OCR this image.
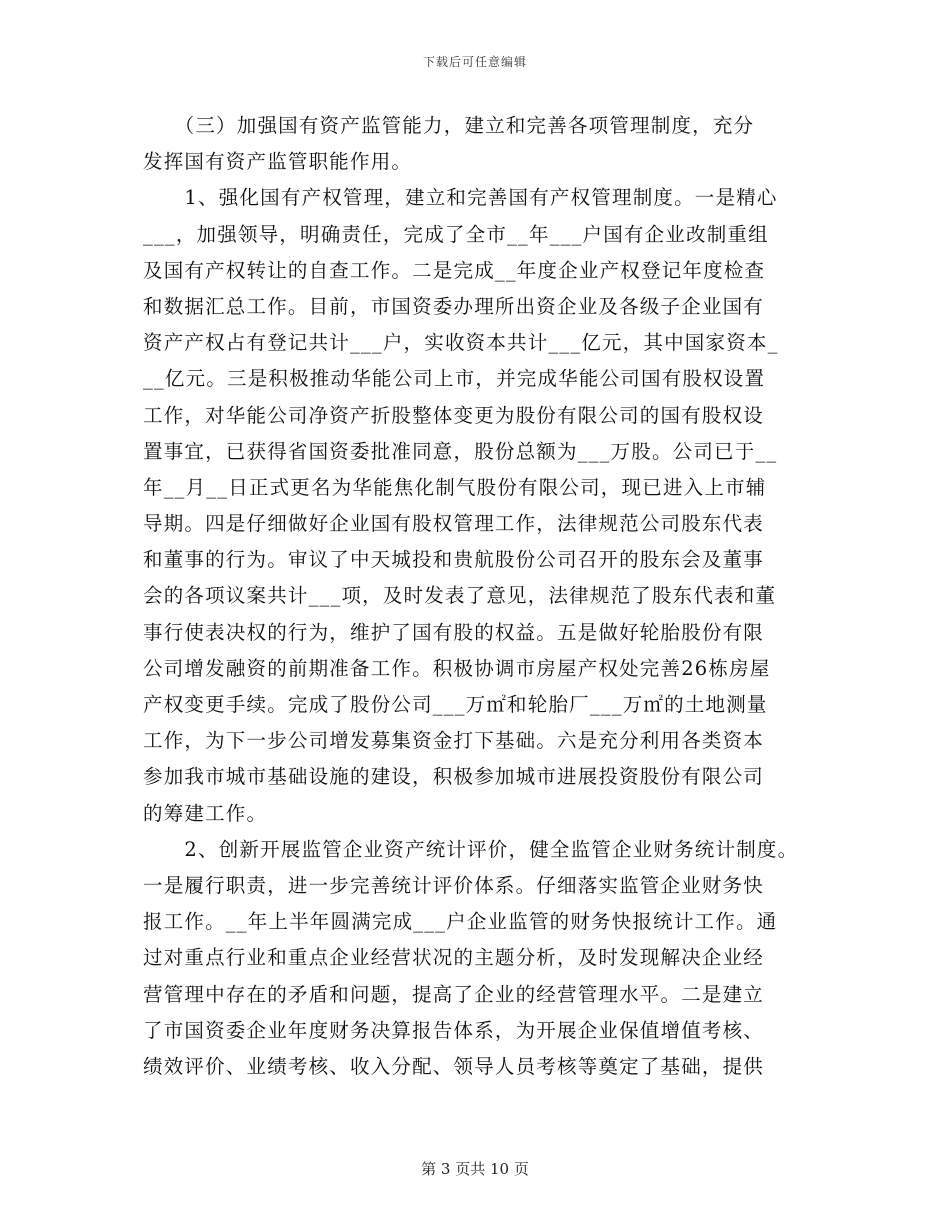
下载后可任意编辑
　　（三）加强国有资产监管能力，建立和完善各项管理制度，充分
发挥国有资产监管职能作用。
　　1、强化国有产权管理，建立和完善国有产权管理制度。一是精心
___，加强领导，明确责任，完成了全市__年___户国有企业改制重组
及国有产权转让的自查工作。二是完成__年度企业产权登记年度检查
和数据汇总工作。目前，市国资委办理所出资企业及各级子企业国有
资产产权占有登记共计___户，实收资本共计___亿元，其中国家资本_
__亿元。三是积极推动华能公司上市，并完成华能公司国有股权设置
工作，对华能公司净资产折股整体变更为股份有限公司的国有股权设
置事宜，已获得省国资委批准同意，股份总额为___万股。公司已于__
年__月__日正式更名为华能焦化制气股份有限公司，现已进入上市辅
导期。四是仔细做好企业国有股权管理工作，法律规范公司股东代表
和董事的行为。审议了中天城投和贵航股份公司召开的股东会及董事
会的各项议案共计___项，及时发表了意见，法律规范了股东代表和董
事行使表决权的行为，维护了国有股的权益。五是做好轮胎股份有限
公司增发融资的前期准备工作。积极协调市房屋产权处完善26栋房屋
产权变更手续。完成了股份公司___万㎡和轮胎厂___万㎡的土地测量
工作，为下一步公司增发募集资金打下基础。六是充分利用各类资本
参加我市城市基础设施的建设，积极参加城市进展投资股份有限公司
的筹建工作。
　　2、创新开展监管企业资产统计评价，健全监管企业财务统计制度。
一是履行职责，进一步完善统计评价体系。仔细落实监管企业财务快
报工作。__年上半年圆满完成___户企业监管的财务快报统计工作。通
过对重点行业和重点企业经营状况的主题分析，及时发现解决企业经
营管理中存在的矛盾和问题，提高了企业的经营管理水平。二是建立
了市国资委企业年度财务决算报告体系，为开展企业保值增值考核、
绩效评价、业绩考核、收入分配、领导人员考核等奠定了基础，提供
第 3 页共 10 页
